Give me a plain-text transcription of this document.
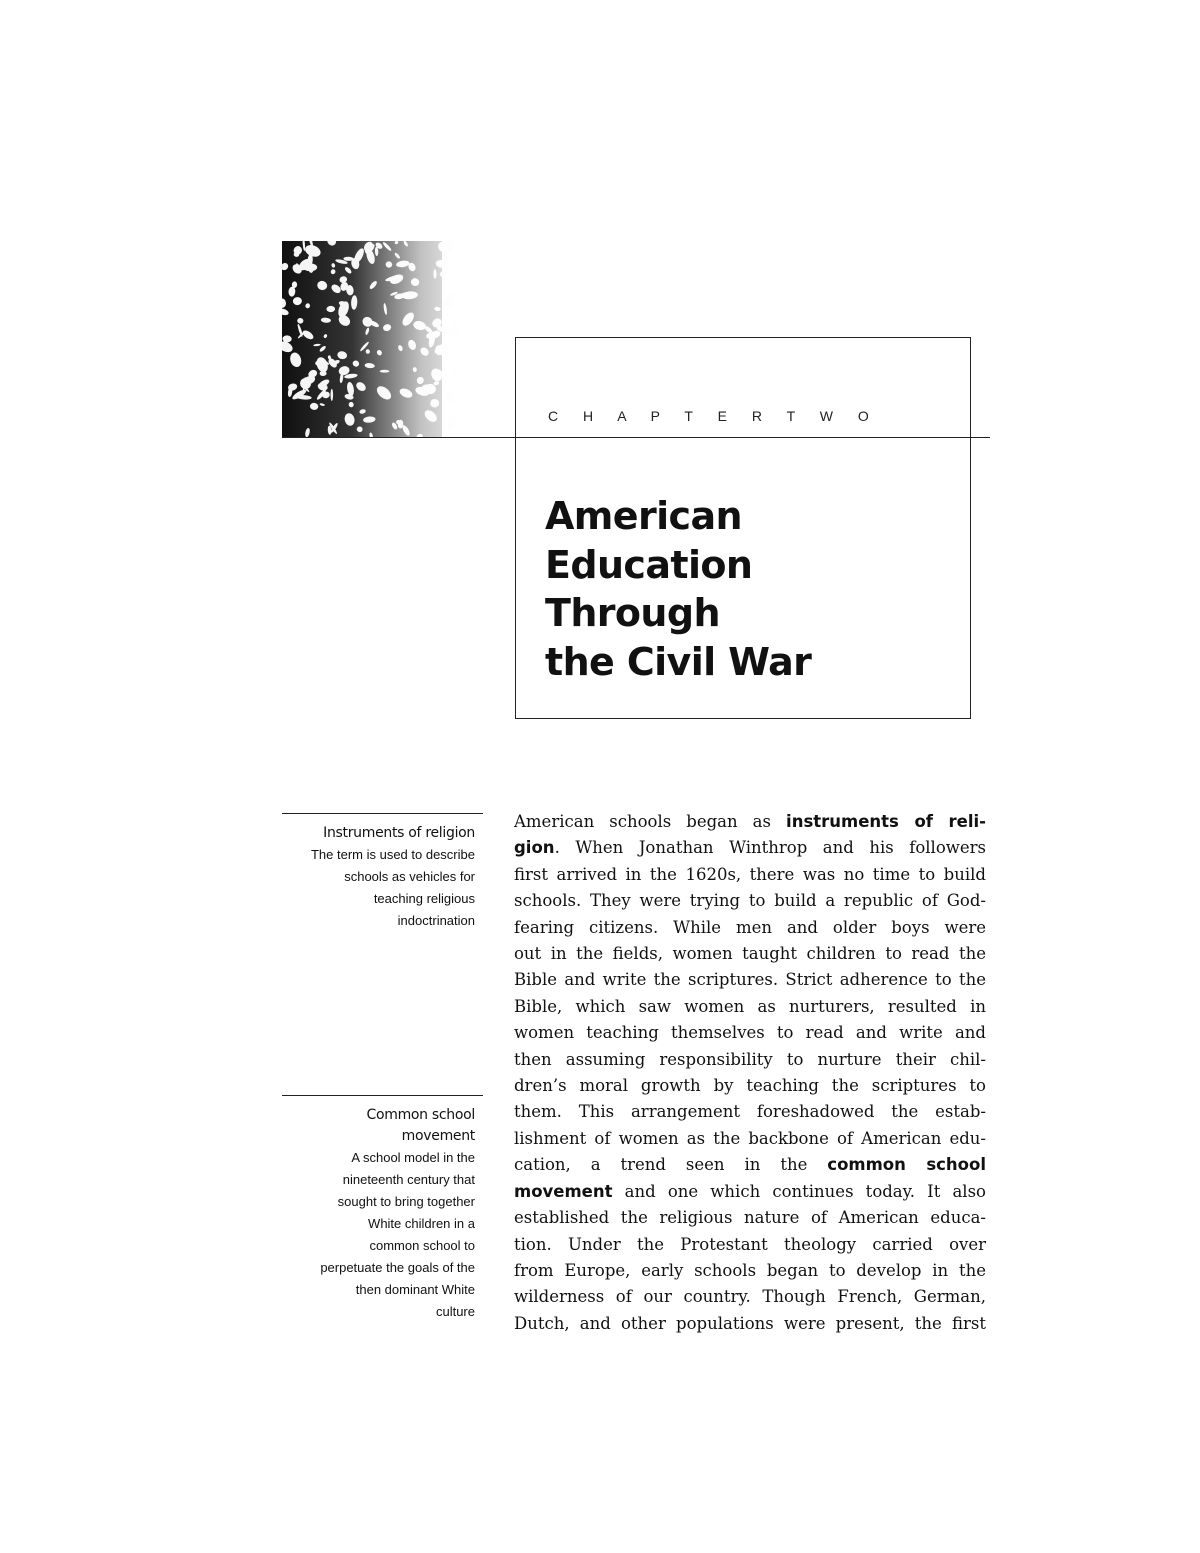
C H A P T E R T W O
American
Education
Through
the Civil War
Instruments of religion
The term is used to describe
schools as vehicles for
teaching religious
indoctrination
Common school
movement
A school model in the
nineteenth century that
sought to bring together
White children in a
common school to
perpetuate the goals of the
then dominant White
culture
American schools began as instruments of reli-
gion. When Jonathan Winthrop and his followers
first arrived in the 1620s, there was no time to build
schools. They were trying to build a republic of God-
fearing citizens. While men and older boys were
out in the fields, women taught children to read the
Bible and write the scriptures. Strict adherence to the
Bible, which saw women as nurturers, resulted in
women teaching themselves to read and write and
then assuming responsibility to nurture their chil-
dren’s moral growth by teaching the scriptures to
them. This arrangement foreshadowed the estab-
lishment of women as the backbone of American edu-
cation, a trend seen in the common school
movement and one which continues today. It also
established the religious nature of American educa-
tion. Under the Protestant theology carried over
from Europe, early schools began to develop in the
wilderness of our country. Though French, German,
Dutch, and other populations were present, the first
